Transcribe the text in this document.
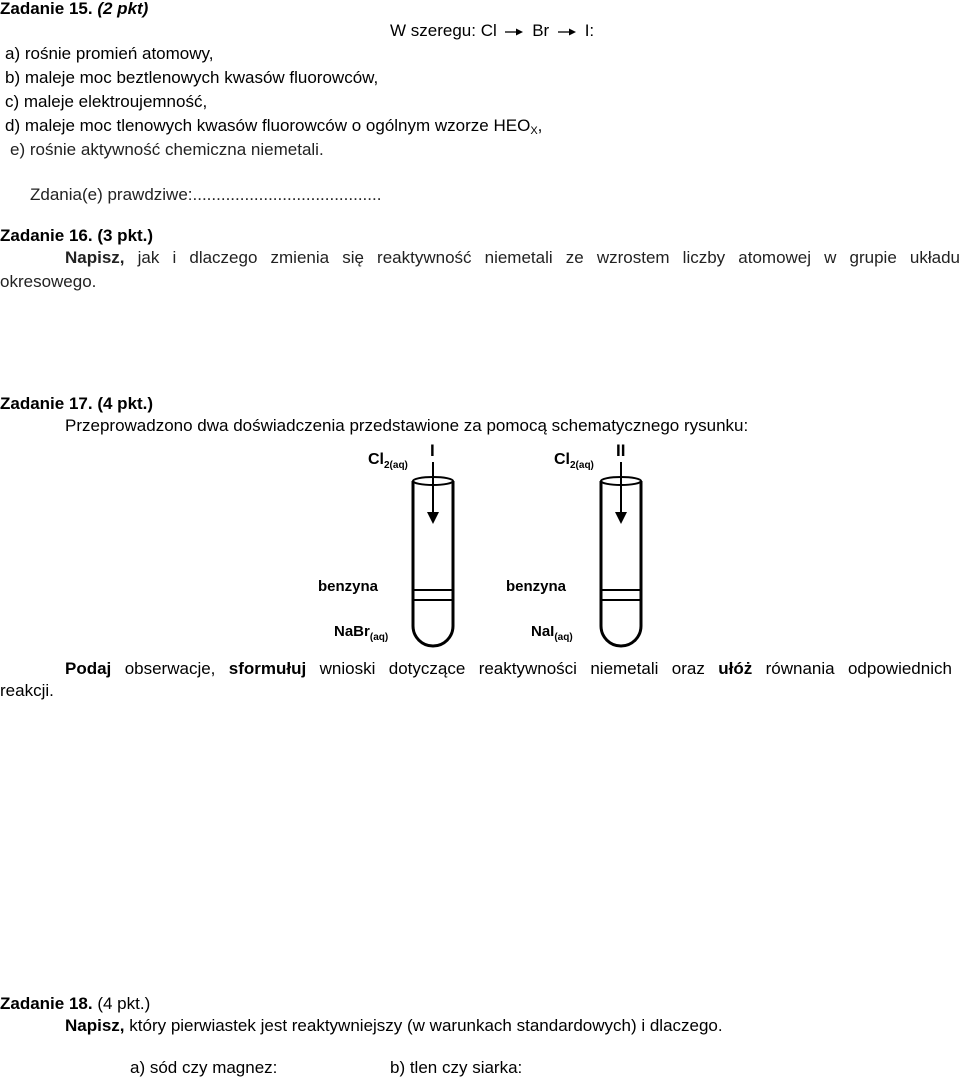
Zadanie 15. (2 pkt)
W szeregu: Cl Br I:
a) rośnie promień atomowy,
b) maleje moc beztlenowych kwasów fluorowców,
c) maleje elektroujemność,
d) maleje moc tlenowych kwasów fluorowców o ogólnym wzorze $HEO_X$,
e) rośnie aktywność chemiczna niemetali.
Zdania(e) prawdziwe:........................................
Zadanie 16. (3 pkt.)
Napisz, jak i dlaczego zmienia się reaktywność niemetali ze wzrostem liczby atomowej w grupie układu
okresowego.
Zadanie 17. (4 pkt.)
Przeprowadzono dwa doświadczenia przedstawione za pomocą schematycznego rysunku:
I
$Cl_{2(aq)}$
benzyna
NaBr$_{(aq)}$
II
$Cl_{2(aq)}$
benzyna
NaI$_{(aq)}$
Podaj obserwacje, sformułuj wnioski dotyczące reaktywności niemetali oraz ułóż równania odpowiednich
reakcji.
Zadanie 18. (4 pkt.)
Napisz, który pierwiastek jest reaktywniejszy (w warunkach standardowych) i dlaczego.
a) sód czy magnez:	b) tlen czy siarka:
